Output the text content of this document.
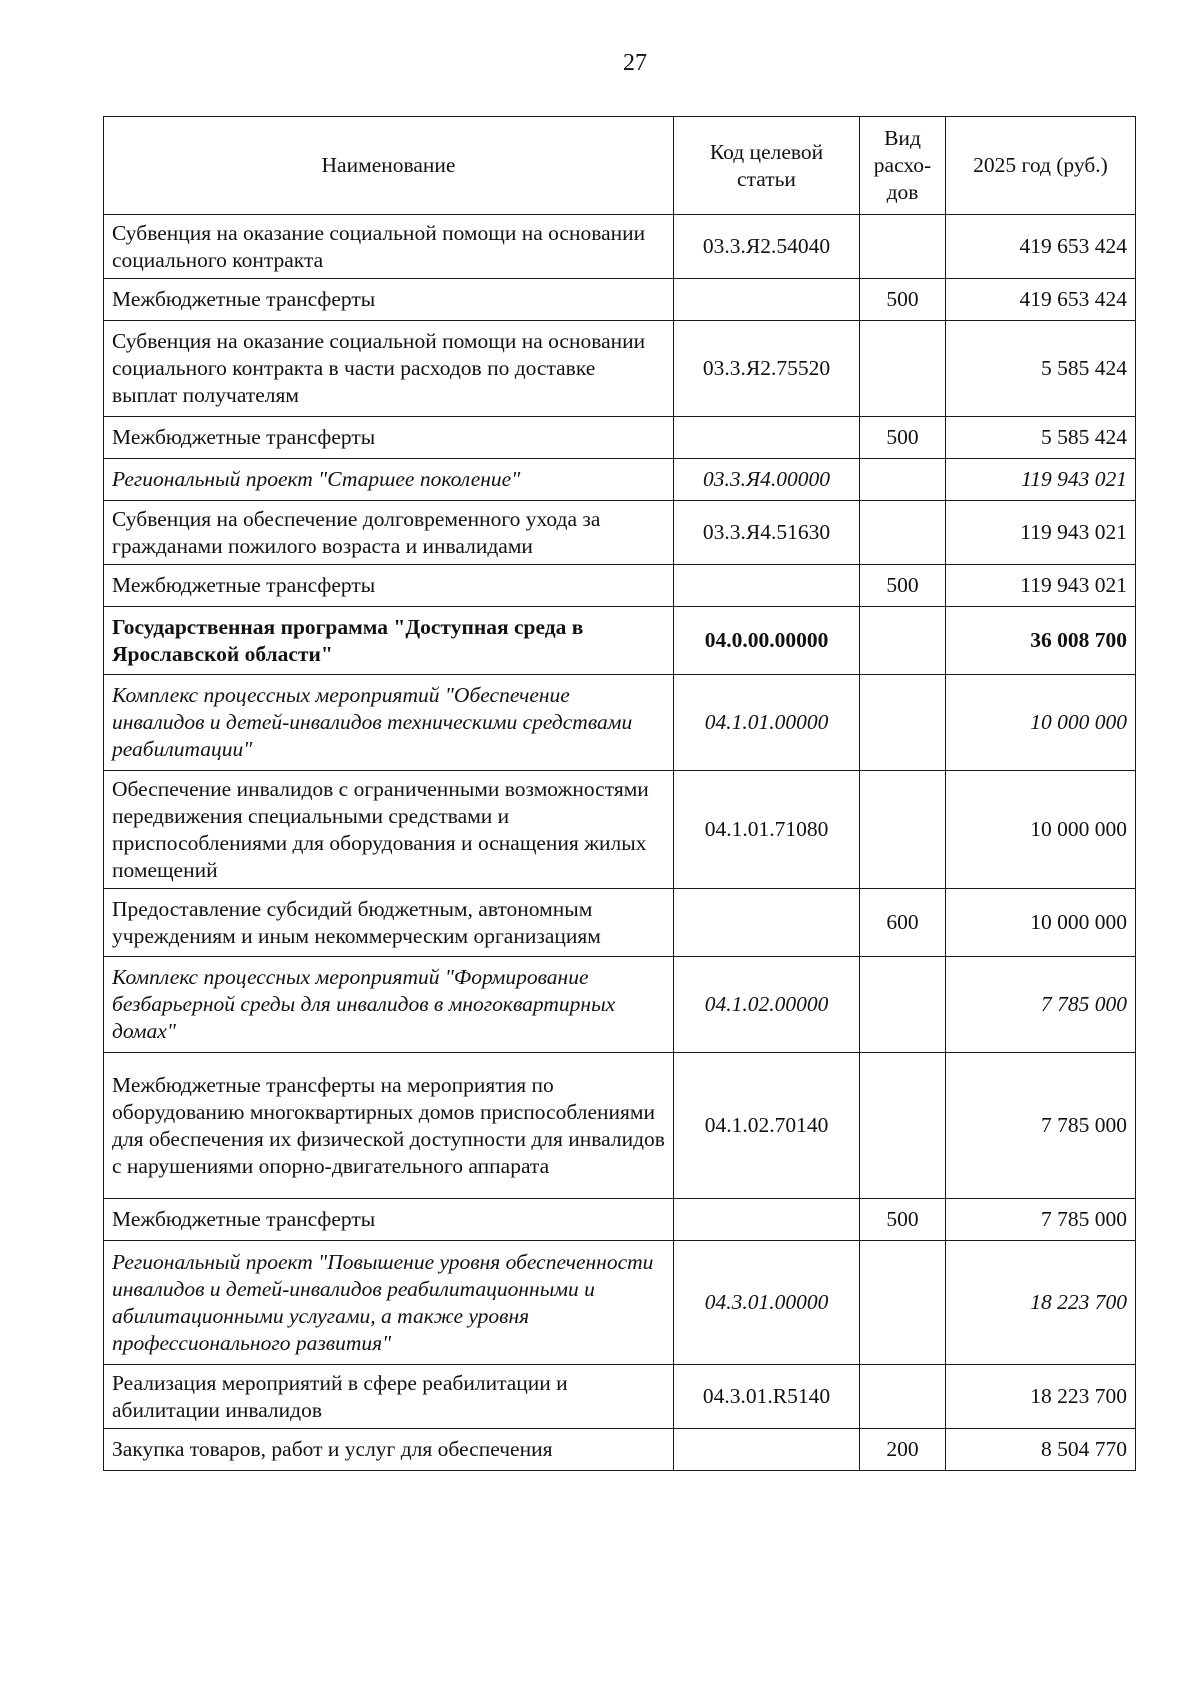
27
Наименование	Код целевой статьи	Вид расхо-дов	2025 год (руб.)
Субвенция на оказание социальной помощи на основании социального контракта	03.3.Я2.54040		419 653 424
Межбюджетные трансферты		500	419 653 424
Субвенция на оказание социальной помощи на основании социального контракта в части расходов по доставке выплат получателям	03.3.Я2.75520		5 585 424
Межбюджетные трансферты		500	5 585 424
Региональный проект "Старшее поколение"	03.3.Я4.00000		119 943 021
Субвенция на обеспечение долговременного ухода за гражданами пожилого возраста и инвалидами	03.3.Я4.51630		119 943 021
Межбюджетные трансферты		500	119 943 021
Государственная программа "Доступная среда в Ярославской области"	04.0.00.00000		36 008 700
Комплекс процессных мероприятий "Обеспечение инвалидов и детей-инвалидов техническими средствами реабилитации"	04.1.01.00000		10 000 000
Обеспечение инвалидов с ограниченными возможностями передвижения специальными средствами и приспособлениями для оборудования и оснащения жилых помещений	04.1.01.71080		10 000 000
Предоставление субсидий бюджетным, автономным учреждениям и иным некоммерческим организациям		600	10 000 000
Комплекс процессных мероприятий "Формирование безбарьерной среды для инвалидов в многоквартирных домах"	04.1.02.00000		7 785 000
Межбюджетные трансферты на мероприятия по оборудованию многоквартирных домов приспособлениями для обеспечения их физической доступности для инвалидов с нарушениями опорно-двигательного аппарата	04.1.02.70140		7 785 000
Межбюджетные трансферты		500	7 785 000
Региональный проект "Повышение уровня обеспеченности инвалидов и детей-инвалидов реабилитационными и абилитационными услугами, а также уровня профессионального развития"	04.3.01.00000		18 223 700
Реализация мероприятий в сфере реабилитации и абилитации инвалидов	04.3.01.R5140		18 223 700
Закупка товаров, работ и услуг для обеспечения		200	8 504 770
